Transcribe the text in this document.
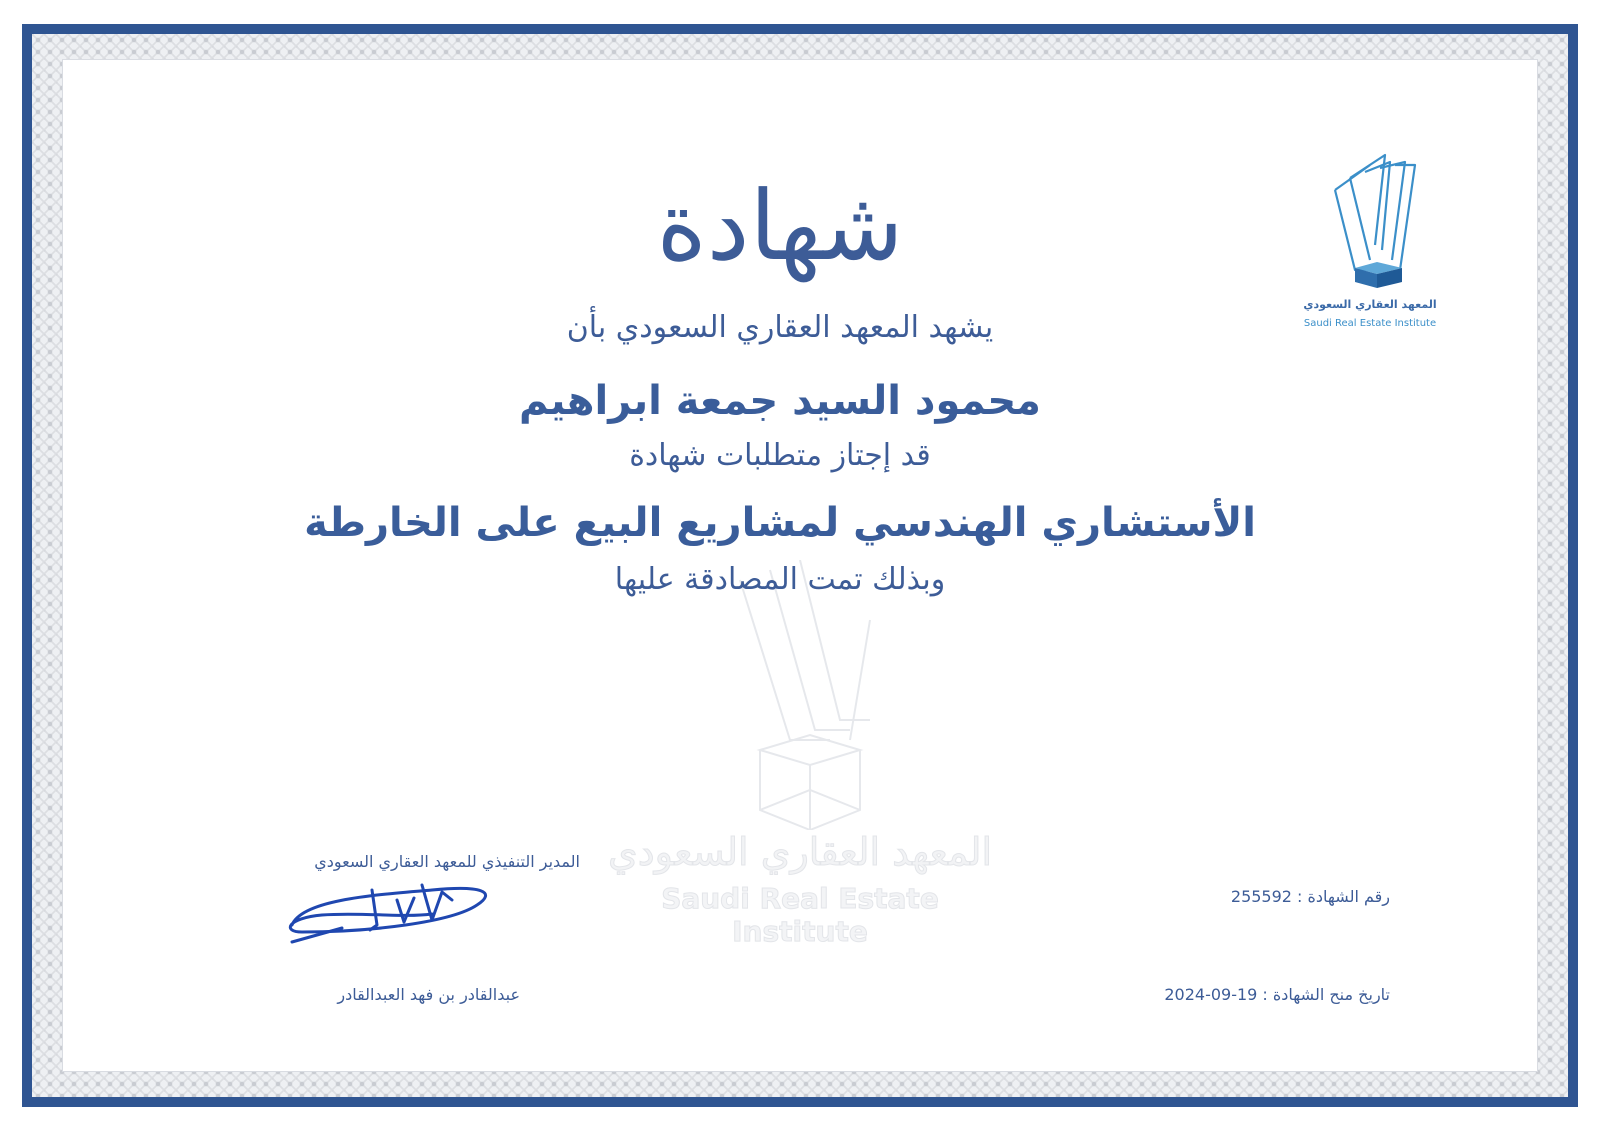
المعهد العقاري السعودي
Saudi Real Estate Institute
المعهد العقاري السعودي
Saudi Real Estate Institute
شهادة
يشهد المعهد العقاري السعودي بأن
محمود السيد جمعة ابراهيم
قد إجتاز متطلبات شهادة
الأستشاري الهندسي لمشاريع البيع على الخارطة
وبذلك تمت المصادقة عليها
المدير التنفيذي للمعهد العقاري السعودي
عبدالقادر بن فهد العبدالقادر
رقم الشهادة : 255592
تاريخ منح الشهادة : 19-09-2024
